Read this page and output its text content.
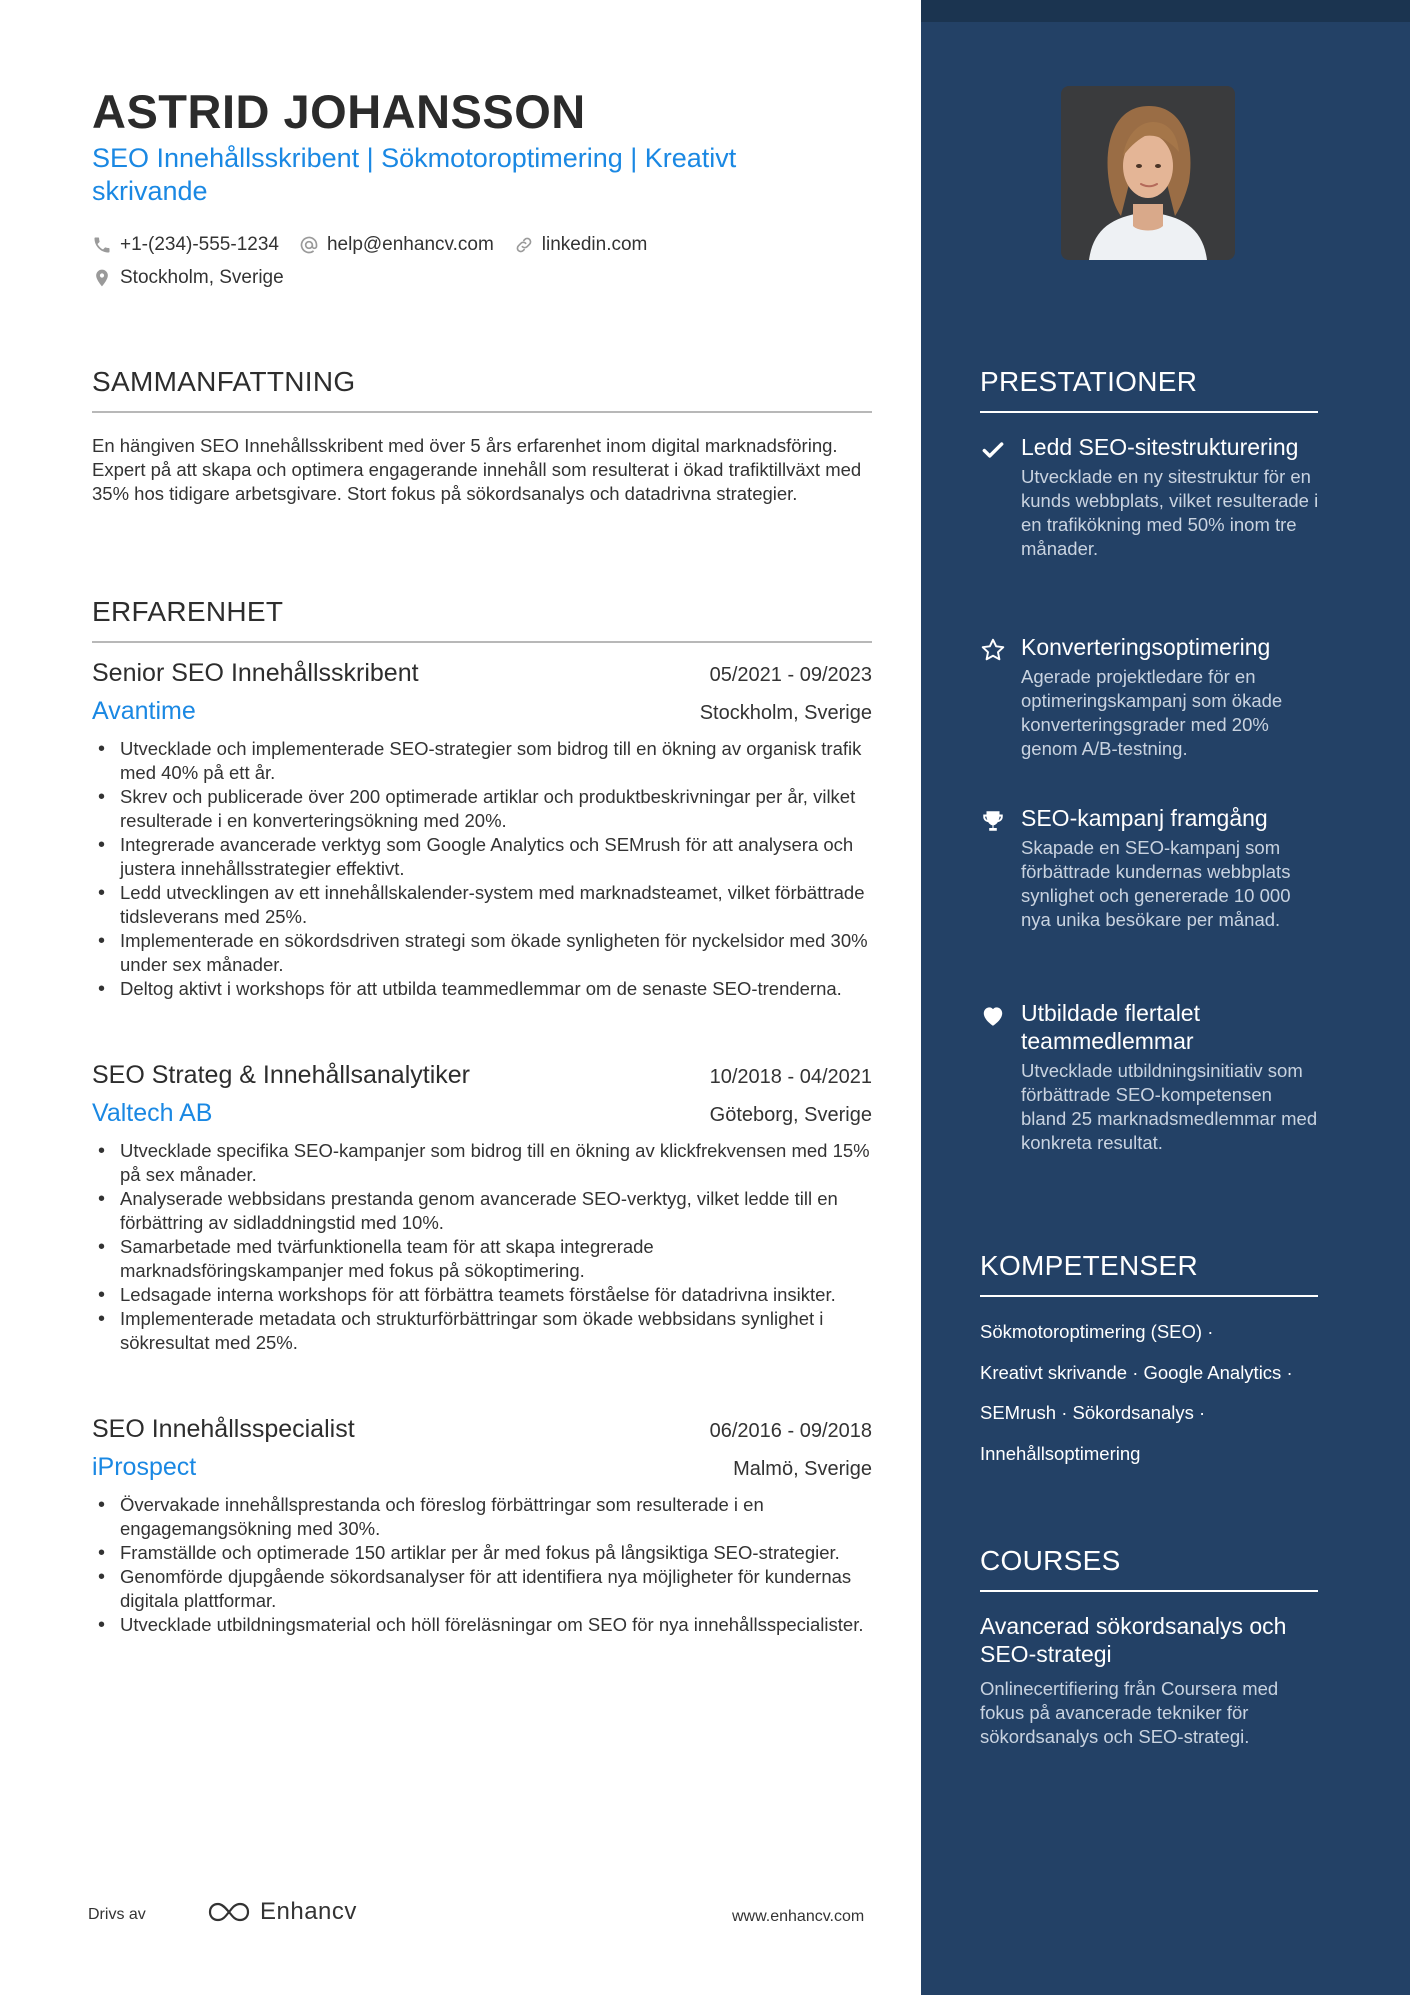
ASTRID JOHANSSON
SEO Innehållsskribent | Sökmotoroptimering | Kreativt skrivande
+1-(234)-555-1234	help@enhancv.com	linkedin.com
Stockholm, Sverige
SAMMANFATTNING
En hängiven SEO Innehållsskribent med över 5 års erfarenhet inom digital marknadsföring. Expert på att skapa och optimera engagerande innehåll som resulterat i ökad trafiktillväxt med 35% hos tidigare arbetsgivare. Stort fokus på sökordsanalys och datadrivna strategier.
ERFARENHET
Senior SEO Innehållsskribent	05/2021 - 09/2023
Avantime	Stockholm, Sverige
• Utvecklade och implementerade SEO-strategier som bidrog till en ökning av organisk trafik med 40% på ett år.
• Skrev och publicerade över 200 optimerade artiklar och produktbeskrivningar per år, vilket resulterade i en konverteringsökning med 20%.
• Integrerade avancerade verktyg som Google Analytics och SEMrush för att analysera och justera innehållsstrategier effektivt.
• Ledd utvecklingen av ett innehållskalender-system med marknadsteamet, vilket förbättrade tidsleverans med 25%.
• Implementerade en sökordsdriven strategi som ökade synligheten för nyckelsidor med 30% under sex månader.
• Deltog aktivt i workshops för att utbilda teammedlemmar om de senaste SEO-trenderna.
SEO Strateg & Innehållsanalytiker	10/2018 - 04/2021
Valtech AB	Göteborg, Sverige
• Utvecklade specifika SEO-kampanjer som bidrog till en ökning av klickfrekvensen med 15% på sex månader.
• Analyserade webbsidans prestanda genom avancerade SEO-verktyg, vilket ledde till en förbättring av sidladdningstid med 10%.
• Samarbetade med tvärfunktionella team för att skapa integrerade marknadsföringskampanjer med fokus på sökoptimering.
• Ledsagade interna workshops för att förbättra teamets förståelse för datadrivna insikter.
• Implementerade metadata och strukturförbättringar som ökade webbsidans synlighet i sökresultat med 25%.
SEO Innehållsspecialist	06/2016 - 09/2018
iProspect	Malmö, Sverige
• Övervakade innehållsprestanda och föreslog förbättringar som resulterade i en engagemangsökning med 30%.
• Framställde och optimerade 150 artiklar per år med fokus på långsiktiga SEO-strategier.
• Genomförde djupgående sökordsanalyser för att identifiera nya möjligheter för kundernas digitala plattformar.
• Utvecklade utbildningsmaterial och höll föreläsningar om SEO för nya innehållsspecialister.
Drivs av	Enhancv	www.enhancv.com
PRESTATIONER
Ledd SEO-sitestrukturering
Utvecklade en ny sitestruktur för en kunds webbplats, vilket resulterade i en trafikökning med 50% inom tre månader.
Konverteringsoptimering
Agerade projektledare för en optimeringskampanj som ökade konverteringsgrader med 20% genom A/B-testning.
SEO-kampanj framgång
Skapade en SEO-kampanj som förbättrade kundernas webbplats synlighet och genererade 10 000 nya unika besökare per månad.
Utbildade flertalet teammedlemmar
Utvecklade utbildningsinitiativ som förbättrade SEO-kompetensen bland 25 marknadsmedlemmar med konkreta resultat.
KOMPETENSER
Sökmotoroptimering (SEO) ·
Kreativt skrivande · Google Analytics ·
SEMrush · Sökordsanalys ·
Innehållsoptimering
COURSES
Avancerad sökordsanalys och SEO-strategi
Onlinecertifiering från Coursera med fokus på avancerade tekniker för sökordsanalys och SEO-strategi.
